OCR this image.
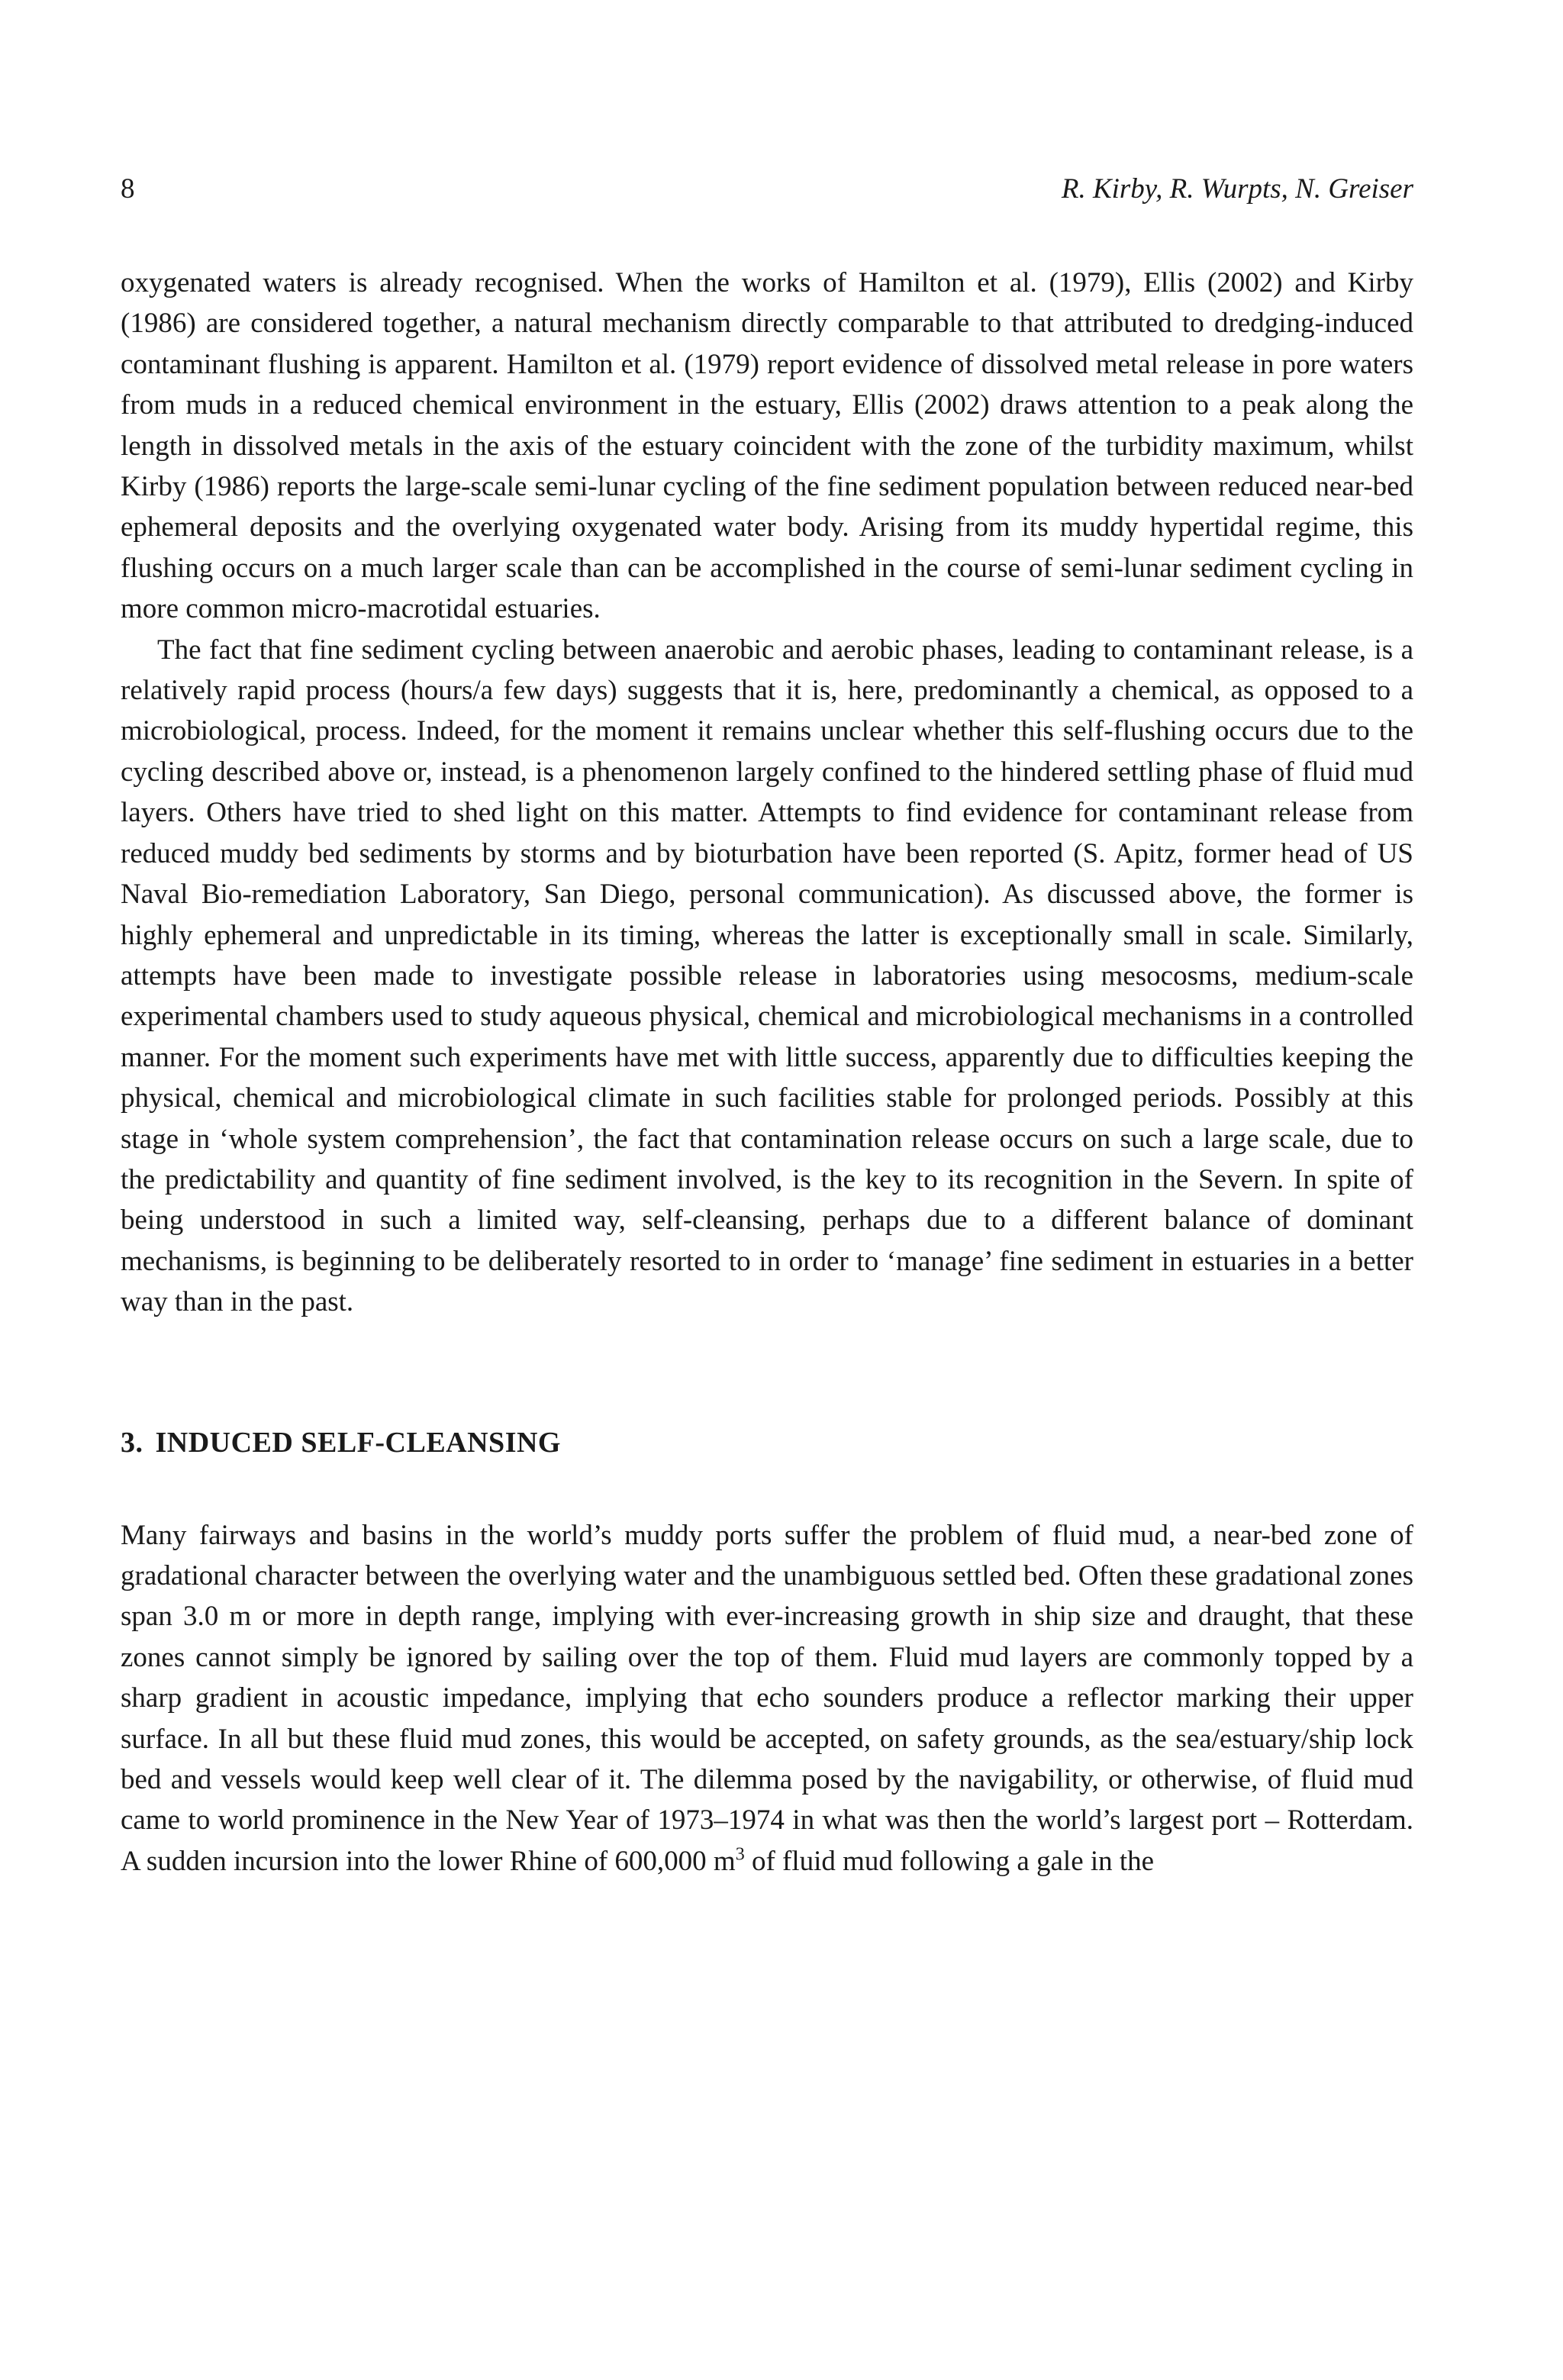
8	R. Kirby, R. Wurpts, N. Greiser

oxygenated waters is already recognised. When the works of Hamilton et al. (1979), Ellis (2002) and Kirby (1986) are considered together, a natural mechanism directly comparable to that attributed to dredging-induced contaminant flushing is apparent. Hamilton et al. (1979) report evidence of dissolved metal release in pore waters from muds in a reduced chemical environment in the estuary, Ellis (2002) draws attention to a peak along the length in dissolved metals in the axis of the estuary coincident with the zone of the turbidity maximum, whilst Kirby (1986) reports the large-scale semi-lunar cycling of the fine sediment population between reduced near-bed ephemeral deposits and the overlying oxygenated water body. Arising from its muddy hypertidal regime, this flushing occurs on a much larger scale than can be accomplished in the course of semi-lunar sediment cycling in more common micro-macrotidal estuaries.

The fact that fine sediment cycling between anaerobic and aerobic phases, leading to contaminant release, is a relatively rapid process (hours/a few days) suggests that it is, here, predominantly a chemical, as opposed to a microbiological, process. Indeed, for the moment it remains unclear whether this self-flushing occurs due to the cycling described above or, instead, is a phenomenon largely confined to the hindered settling phase of fluid mud layers. Others have tried to shed light on this matter. Attempts to find evidence for contaminant release from reduced muddy bed sediments by storms and by bioturbation have been reported (S. Apitz, former head of US Naval Bio-remediation Laboratory, San Diego, personal communication). As discussed above, the former is highly ephemeral and unpredictable in its timing, whereas the latter is exceptionally small in scale. Similarly, attempts have been made to investigate possible release in laboratories using mesocosms, medium-scale experimental chambers used to study aqueous physical, chemical and microbiological mechanisms in a controlled manner. For the moment such experiments have met with little success, apparently due to difficulties keeping the physical, chemical and microbiological climate in such facilities stable for prolonged periods. Possibly at this stage in ‘whole system comprehension’, the fact that contamination release occurs on such a large scale, due to the predictability and quantity of fine sediment involved, is the key to its recognition in the Severn. In spite of being understood in such a limited way, self-cleansing, perhaps due to a different balance of dominant mechanisms, is beginning to be deliberately resorted to in order to ‘manage’ fine sediment in estuaries in a better way than in the past.

3. INDUCED SELF-CLEANSING

Many fairways and basins in the world’s muddy ports suffer the problem of fluid mud, a near-bed zone of gradational character between the overlying water and the unambiguous settled bed. Often these gradational zones span 3.0 m or more in depth range, implying with ever-increasing growth in ship size and draught, that these zones cannot simply be ignored by sailing over the top of them. Fluid mud layers are commonly topped by a sharp gradient in acoustic impedance, implying that echo sounders produce a reflector marking their upper surface. In all but these fluid mud zones, this would be accepted, on safety grounds, as the sea/estuary/ship lock bed and vessels would keep well clear of it. The dilemma posed by the navigability, or otherwise, of fluid mud came to world prominence in the New Year of 1973–1974 in what was then the world’s largest port – Rotterdam. A sudden incursion into the lower Rhine of 600,000 $m^3$ of fluid mud following a gale in the
